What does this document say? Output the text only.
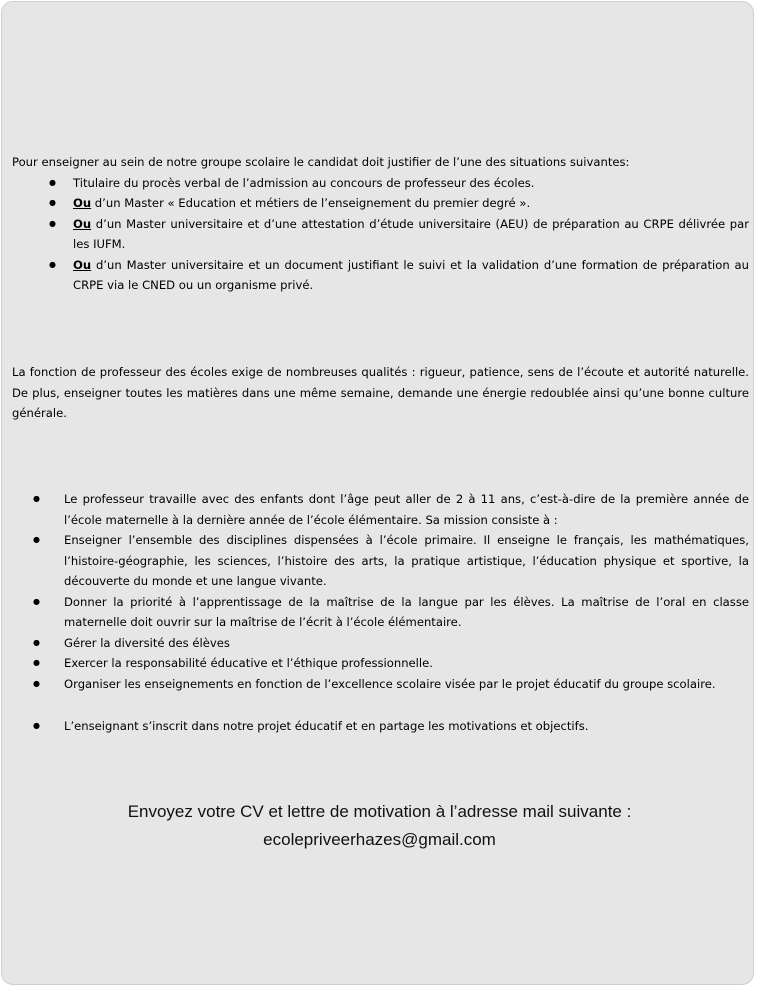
Pour enseigner au sein de notre groupe scolaire le candidat doit justifier de l’une des situations suivantes:
● Titulaire du procès verbal de l’admission au concours de professeur des écoles.
● Ou d’un Master « Education et métiers de l’enseignement du premier degré ».
● Ou d’un Master universitaire et d’une attestation d’étude universitaire (AEU) de préparation au CRPE délivrée par les IUFM.
● Ou d’un Master universitaire et un document justifiant le suivi et la validation d’une formation de préparation au CRPE via le CNED ou un organisme privé.
La fonction de professeur des écoles exige de nombreuses qualités : rigueur, patience, sens de l’écoute et autorité naturelle. De plus, enseigner toutes les matières dans une même semaine, demande une énergie redoublée ainsi qu’une bonne culture générale.
● Le professeur travaille avec des enfants dont l’âge peut aller de 2 à 11 ans, c’est-à-dire de la première année de l’école maternelle à la dernière année de l’école élémentaire. Sa mission consiste à :
● Enseigner l’ensemble des disciplines dispensées à l’école primaire. Il enseigne le français, les mathématiques, l’histoire-géographie, les sciences, l’histoire des arts, la pratique artistique, l’éducation physique et sportive, la découverte du monde et une langue vivante.
● Donner la priorité à l’apprentissage de la maîtrise de la langue par les élèves. La maîtrise de l’oral en classe maternelle doit ouvrir sur la maîtrise de l’écrit à l’école élémentaire.
● Gérer la diversité des élèves
● Exercer la responsabilité éducative et l’éthique professionnelle.
● Organiser les enseignements en fonction de l’excellence scolaire visée par le projet éducatif du groupe scolaire.
● L’enseignant s’inscrit dans notre projet éducatif et en partage les motivations et objectifs.
Envoyez votre CV et lettre de motivation à l’adresse mail suivante :
ecolepriveerhazes@gmail.com
